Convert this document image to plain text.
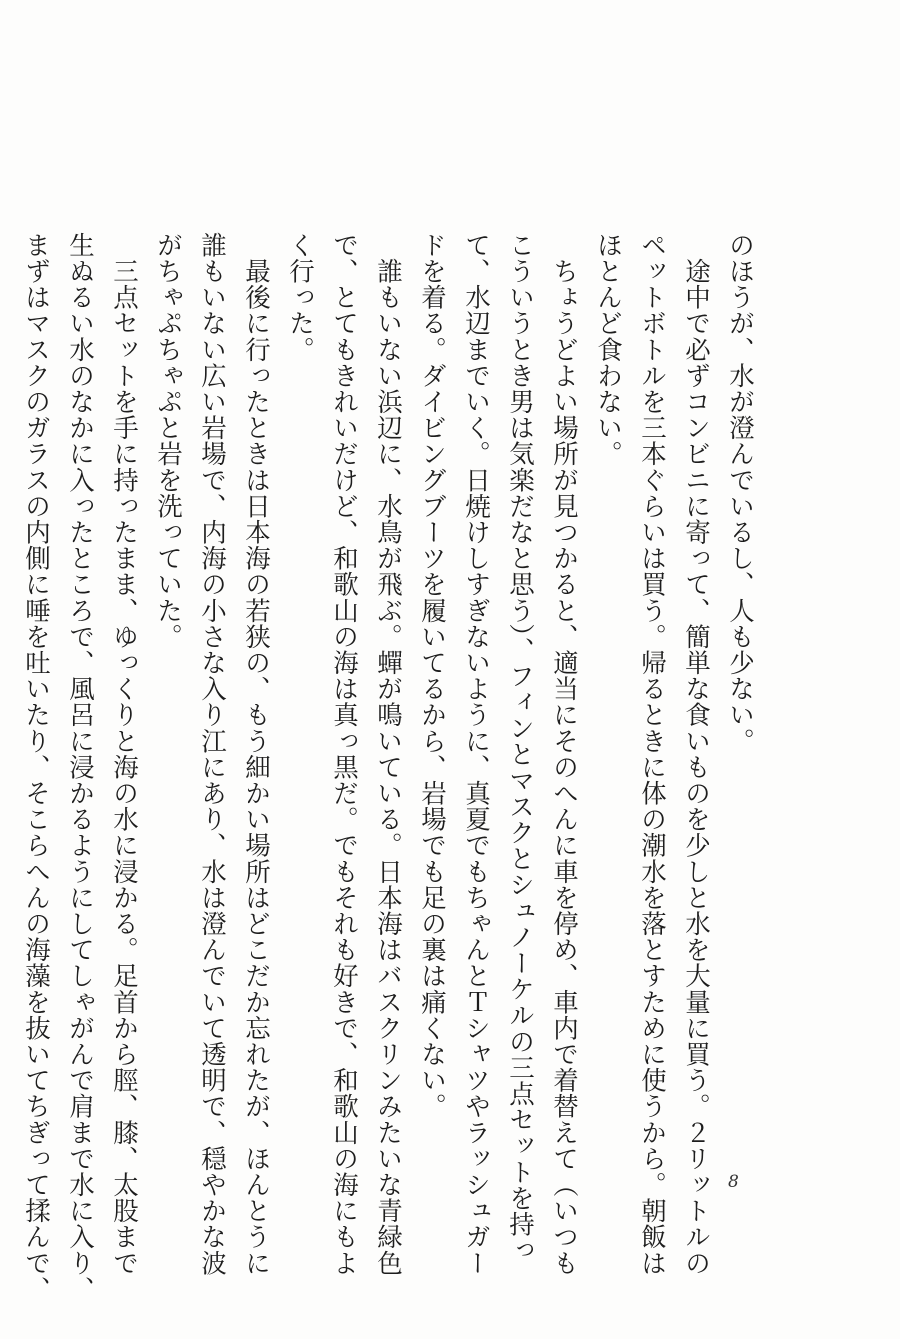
のほうが、水が澄んでいるし、人も少ない。
　途中で必ずコンビニに寄って、簡単な食いものを少しと水を大量に買う。２リットルの
ペットボトルを三本ぐらいは買う。帰るときに体の潮水を落とすために使うから。朝飯は
ほとんど食わない。
　ちょうどよい場所が見つかると、適当にそのへんに車を停め、車内で着替えて（いつも
こういうとき男は気楽だなと思う）、フィンとマスクとシュノーケルの三点セットを持っ
て、水辺までいく。日焼けしすぎないように、真夏でもちゃんとＴシャツやラッシュガー
ドを着る。ダイビングブーツを履いてるから、岩場でも足の裏は痛くない。
　誰もいない浜辺に、水鳥が飛ぶ。蟬が鳴いている。日本海はバスクリンみたいな青緑色
で、とてもきれいだけど、和歌山の海は真っ黒だ。でもそれも好きで、和歌山の海にもよ
く行った。
　最後に行ったときは日本海の若狭の、もう細かい場所はどこだか忘れたが、ほんとうに
誰もいない広い岩場で、内海の小さな入り江にあり、水は澄んでいて透明で、穏やかな波
がちゃぷちゃぷと岩を洗っていた。
　三点セットを手に持ったまま、ゆっくりと海の水に浸かる。足首から脛、膝、太股まで
生ぬるい水のなかに入ったところで、風呂に浸かるようにしてしゃがんで肩まで水に入り、
まずはマスクのガラスの内側に唾を吐いたり、そこらへんの海藻を抜いてちぎって揉んで、	8
